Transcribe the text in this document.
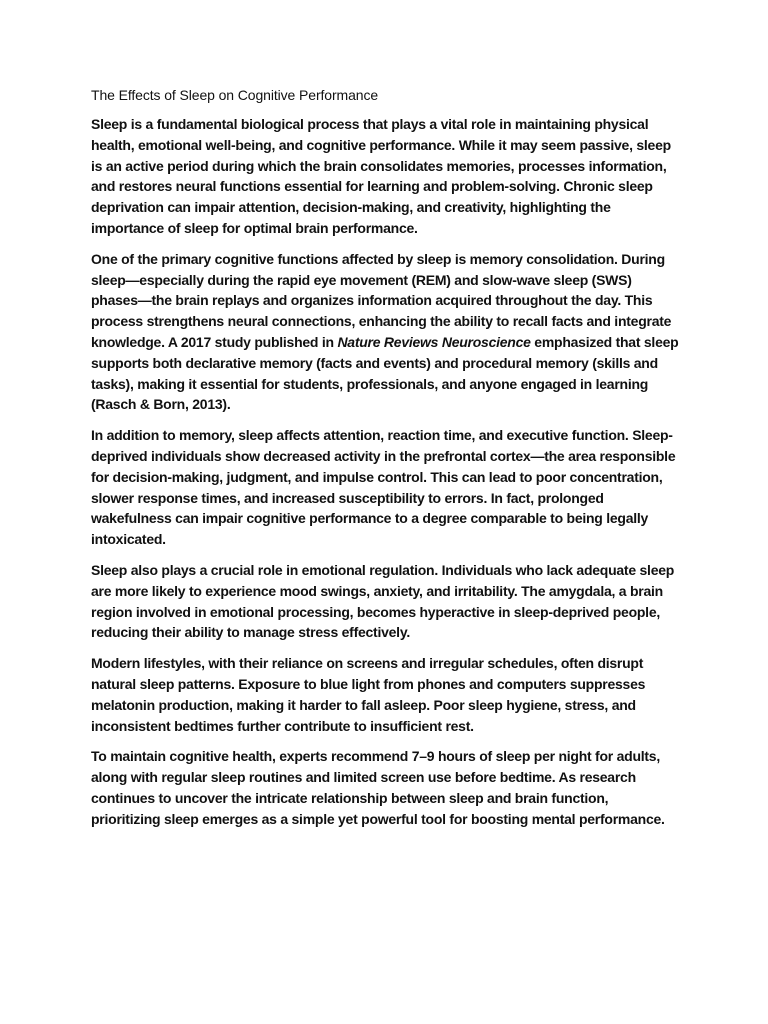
The Effects of Sleep on Cognitive Performance

Sleep is a fundamental biological process that plays a vital role in maintaining physical health, emotional well-being, and cognitive performance. While it may seem passive, sleep is an active period during which the brain consolidates memories, processes information, and restores neural functions essential for learning and problem-solving. Chronic sleep deprivation can impair attention, decision-making, and creativity, highlighting the importance of sleep for optimal brain performance.

One of the primary cognitive functions affected by sleep is memory consolidation. During sleep—especially during the rapid eye movement (REM) and slow-wave sleep (SWS) phases—the brain replays and organizes information acquired throughout the day. This process strengthens neural connections, enhancing the ability to recall facts and integrate knowledge. A 2017 study published in Nature Reviews Neuroscience emphasized that sleep supports both declarative memory (facts and events) and procedural memory (skills and tasks), making it essential for students, professionals, and anyone engaged in learning (Rasch & Born, 2013).

In addition to memory, sleep affects attention, reaction time, and executive function. Sleep-deprived individuals show decreased activity in the prefrontal cortex—the area responsible for decision-making, judgment, and impulse control. This can lead to poor concentration, slower response times, and increased susceptibility to errors. In fact, prolonged wakefulness can impair cognitive performance to a degree comparable to being legally intoxicated.

Sleep also plays a crucial role in emotional regulation. Individuals who lack adequate sleep are more likely to experience mood swings, anxiety, and irritability. The amygdala, a brain region involved in emotional processing, becomes hyperactive in sleep-deprived people, reducing their ability to manage stress effectively.

Modern lifestyles, with their reliance on screens and irregular schedules, often disrupt natural sleep patterns. Exposure to blue light from phones and computers suppresses melatonin production, making it harder to fall asleep. Poor sleep hygiene, stress, and inconsistent bedtimes further contribute to insufficient rest.

To maintain cognitive health, experts recommend 7–9 hours of sleep per night for adults, along with regular sleep routines and limited screen use before bedtime. As research continues to uncover the intricate relationship between sleep and brain function, prioritizing sleep emerges as a simple yet powerful tool for boosting mental performance.
